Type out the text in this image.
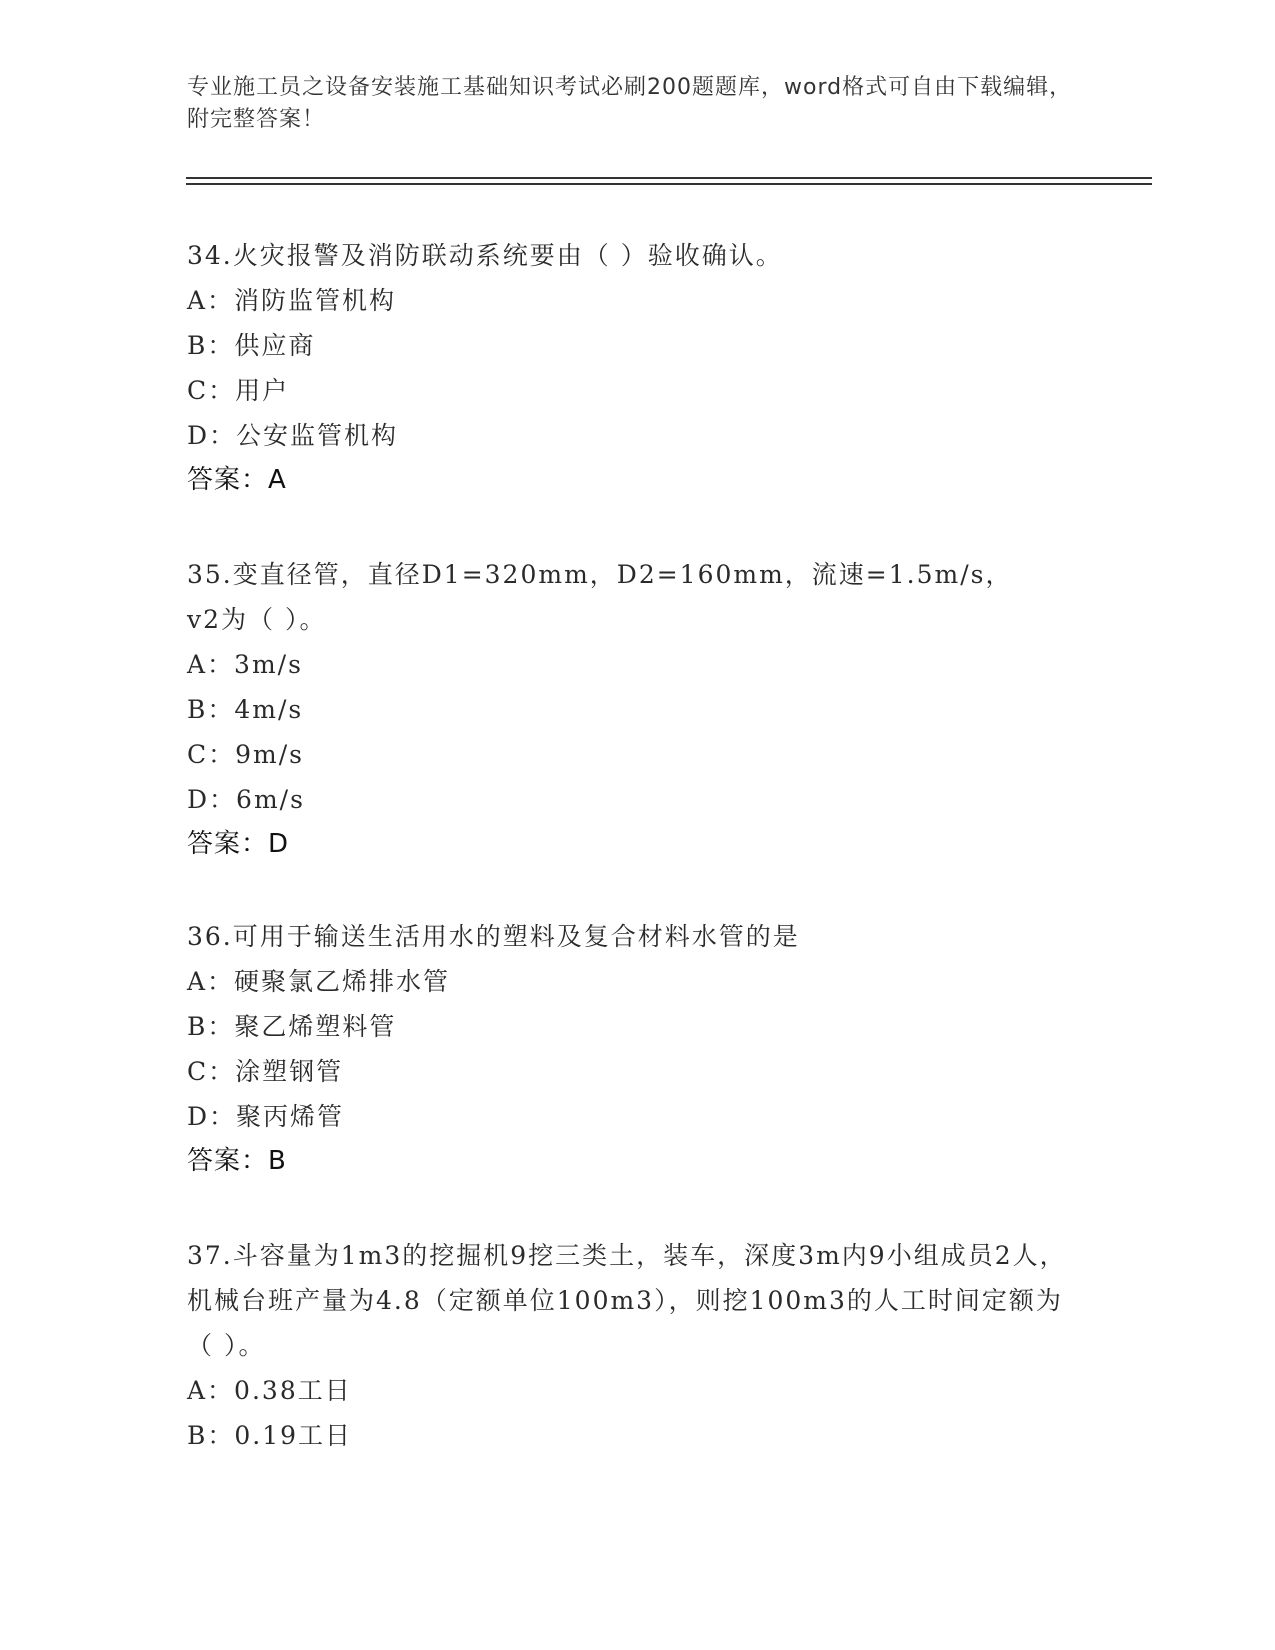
专业施工员之设备安装施工基础知识考试必刷200题题库，word格式可自由下载编辑，附完整答案！
34.火灾报警及消防联动系统要由（ ）验收确认。
A：消防监管机构
B：供应商
C：用户
D：公安监管机构
答案：A
35.变直径管，直径D1=320mm，D2=160mm，流速=1.5m/s，v2为（ ）。
A：3m/s
B：4m/s
C：9m/s
D：6m/s
答案：D
36.可用于输送生活用水的塑料及复合材料水管的是
A：硬聚氯乙烯排水管
B：聚乙烯塑料管
C：涂塑钢管
D：聚丙烯管
答案：B
37.斗容量为1m3的挖掘机9挖三类土，装车，深度3m内9小组成员2人，机械台班产量为4.8（定额单位100m3），则挖100m3的人工时间定额为（ ）。
A：0.38工日
B：0.19工日
